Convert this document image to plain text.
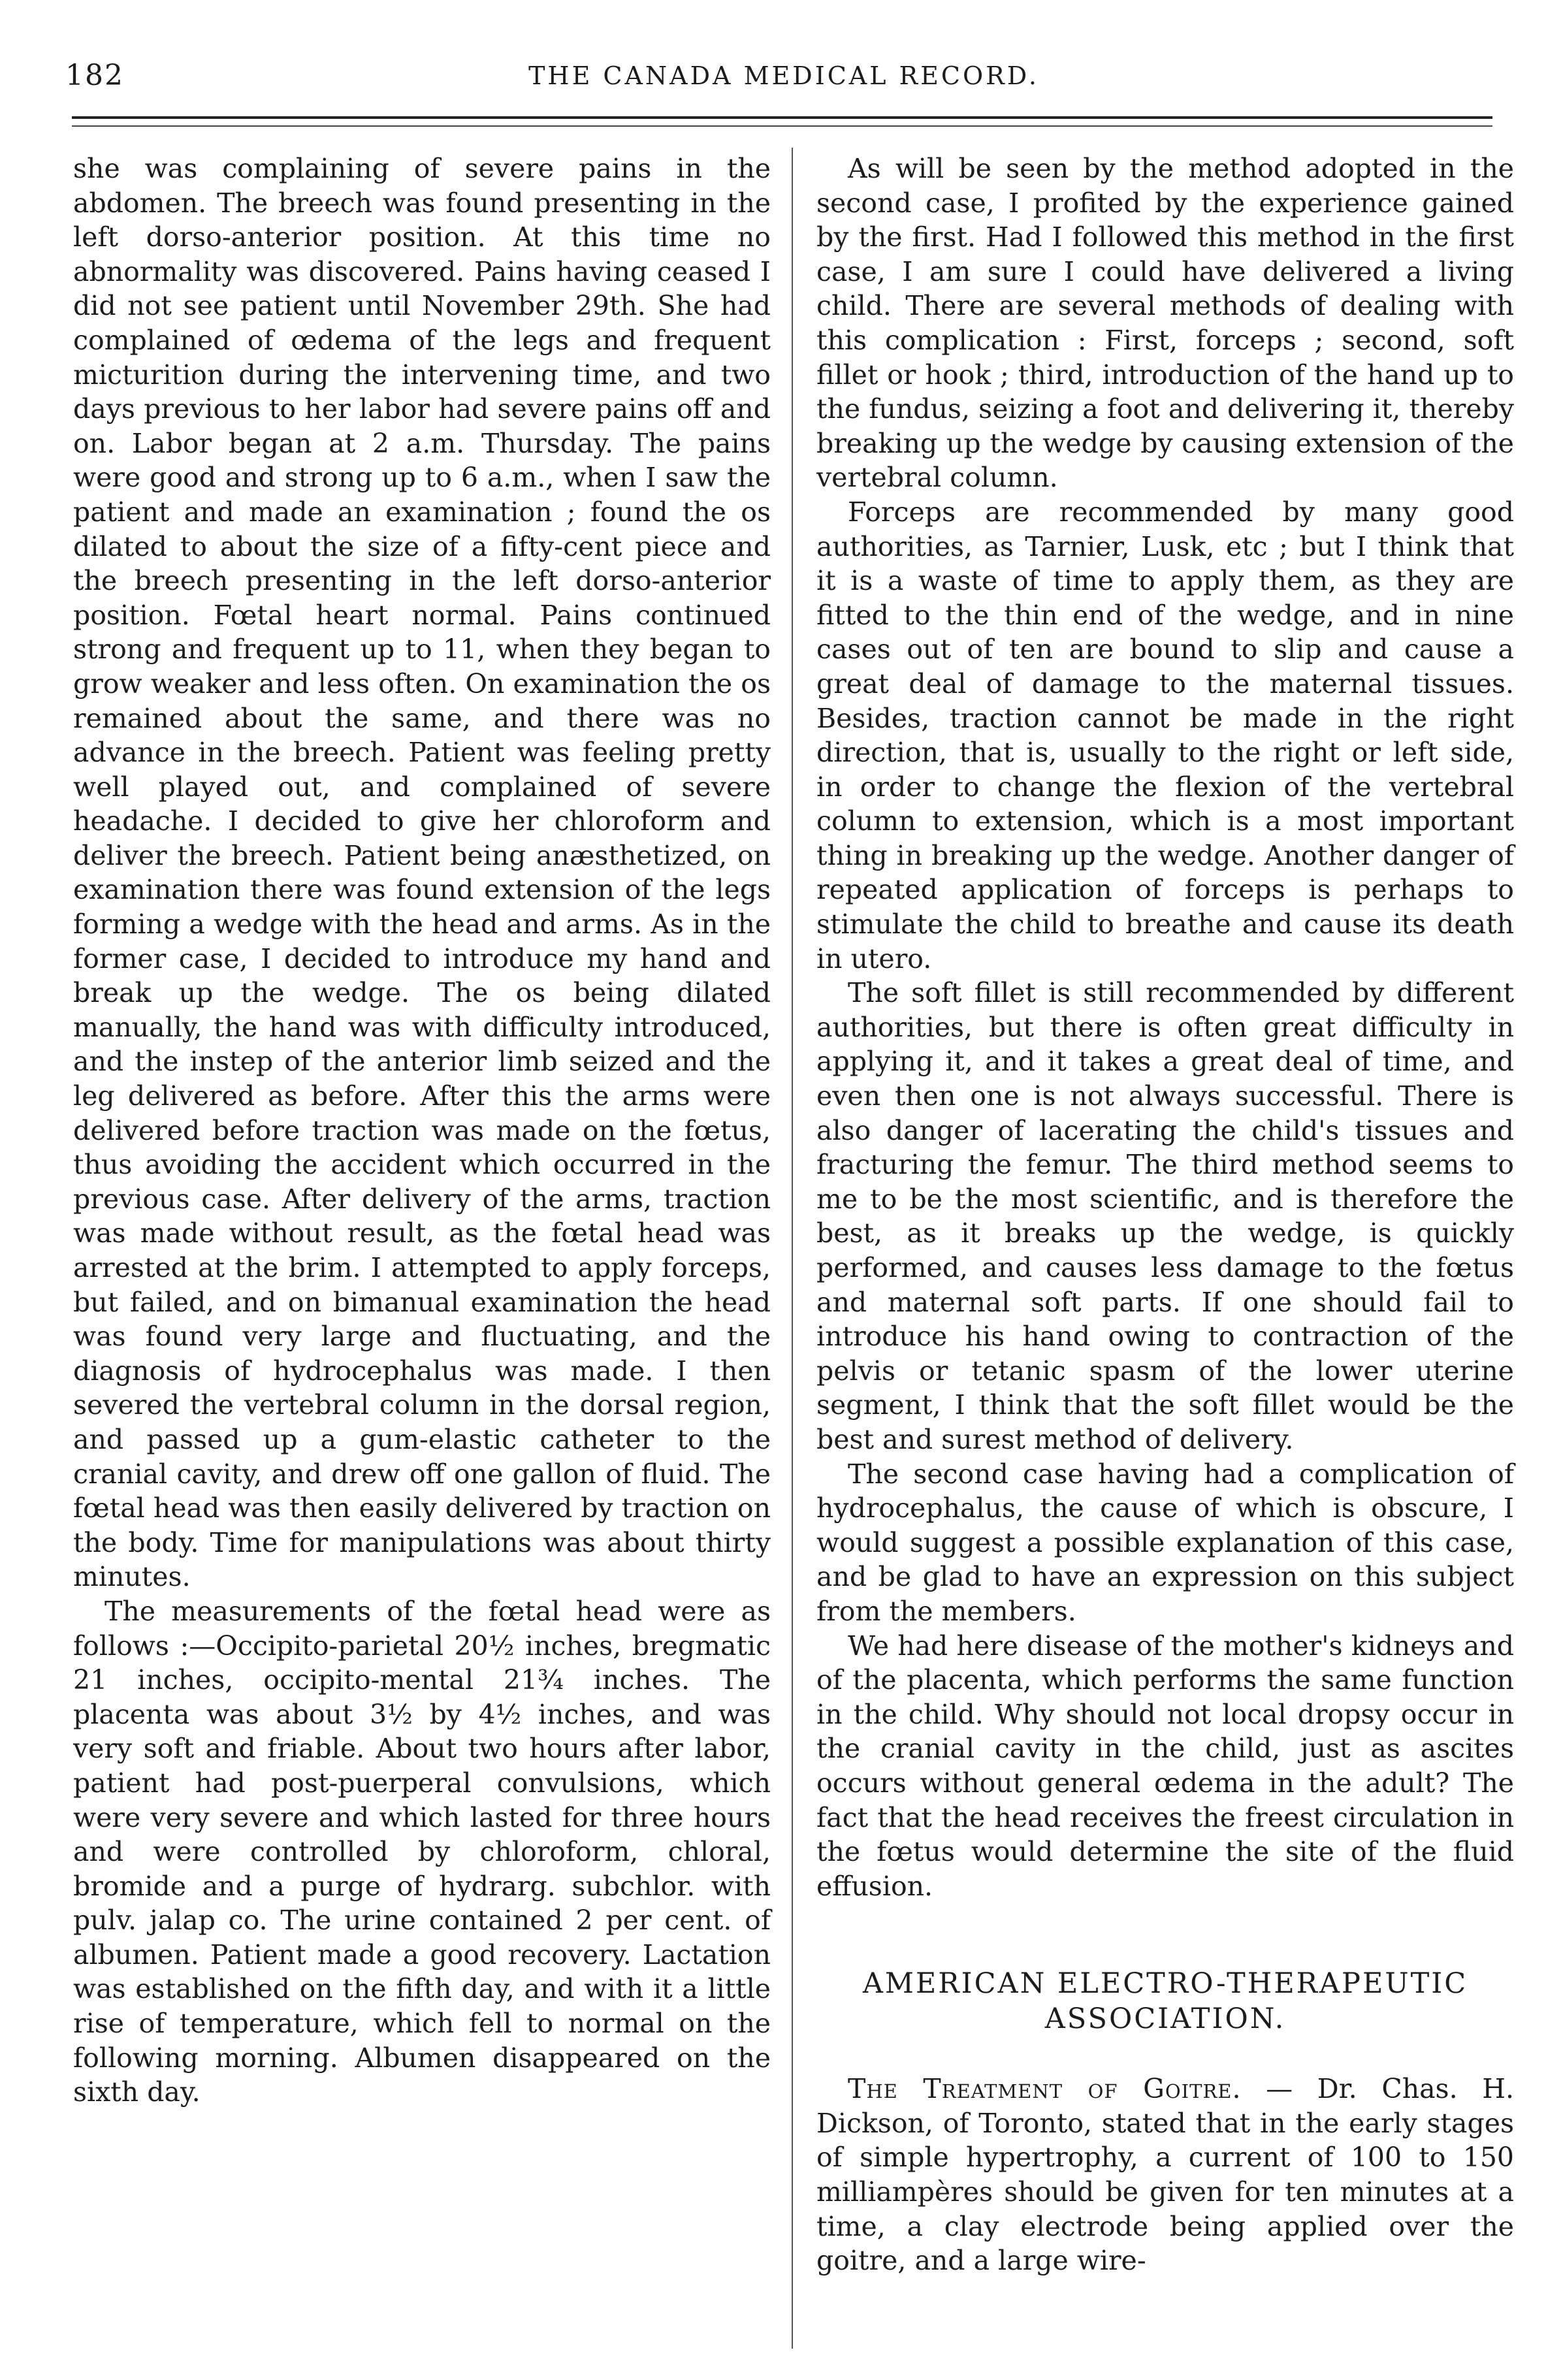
182	THE CANADA MEDICAL RECORD.

she was complaining of severe pains in the abdomen. The breech was found presenting in the left dorso-anterior position. At this time no abnormality was discovered. Pains having ceased I did not see patient until November 29th. She had complained of œdema of the legs and frequent micturition during the intervening time, and two days previous to her labor had severe pains off and on. Labor began at 2 a.m. Thursday. The pains were good and strong up to 6 a.m., when I saw the patient and made an examination ; found the os dilated to about the size of a fifty-cent piece and the breech presenting in the left dorso-anterior position. Fœtal heart normal. Pains continued strong and frequent up to 11, when they began to grow weaker and less often. On examination the os remained about the same, and there was no advance in the breech. Patient was feeling pretty well played out, and complained of severe headache. I decided to give her chloroform and deliver the breech. Patient being anæsthetized, on examination there was found extension of the legs forming a wedge with the head and arms. As in the former case, I decided to introduce my hand and break up the wedge. The os being dilated manually, the hand was with difficulty introduced, and the instep of the anterior limb seized and the leg delivered as before. After this the arms were delivered before traction was made on the fœtus, thus avoiding the accident which occurred in the previous case. After delivery of the arms, traction was made without result, as the fœtal head was arrested at the brim. I attempted to apply forceps, but failed, and on bimanual examination the head was found very large and fluctuating, and the diagnosis of hydrocephalus was made. I then severed the vertebral column in the dorsal region, and passed up a gum-elastic catheter to the cranial cavity, and drew off one gallon of fluid. The fœtal head was then easily delivered by traction on the body. Time for manipulations was about thirty minutes.

The measurements of the fœtal head were as follows :—Occipito-parietal 20½ inches, bregmatic 21 inches, occipito-mental 21¾ inches. The placenta was about 3½ by 4½ inches, and was very soft and friable. About two hours after labor, patient had post-puerperal convulsions, which were very severe and which lasted for three hours and were controlled by chloroform, chloral, bromide and a purge of hydrarg. subchlor. with pulv. jalap co. The urine contained 2 per cent. of albumen. Patient made a good recovery. Lactation was established on the fifth day, and with it a little rise of temperature, which fell to normal on the following morning. Albumen disappeared on the sixth day.

As will be seen by the method adopted in the second case, I profited by the experience gained by the first. Had I followed this method in the first case, I am sure I could have delivered a living child. There are several methods of dealing with this complication : First, forceps ; second, soft fillet or hook ; third, introduction of the hand up to the fundus, seizing a foot and delivering it, thereby breaking up the wedge by causing extension of the vertebral column.

Forceps are recommended by many good authorities, as Tarnier, Lusk, etc ; but I think that it is a waste of time to apply them, as they are fitted to the thin end of the wedge, and in nine cases out of ten are bound to slip and cause a great deal of damage to the maternal tissues. Besides, traction cannot be made in the right direction, that is, usually to the right or left side, in order to change the flexion of the vertebral column to extension, which is a most important thing in breaking up the wedge. Another danger of repeated application of forceps is perhaps to stimulate the child to breathe and cause its death in utero.

The soft fillet is still recommended by different authorities, but there is often great difficulty in applying it, and it takes a great deal of time, and even then one is not always successful. There is also danger of lacerating the child's tissues and fracturing the femur. The third method seems to me to be the most scientific, and is therefore the best, as it breaks up the wedge, is quickly performed, and causes less damage to the fœtus and maternal soft parts. If one should fail to introduce his hand owing to contraction of the pelvis or tetanic spasm of the lower uterine segment, I think that the soft fillet would be the best and surest method of delivery.

The second case having had a complication of hydrocephalus, the cause of which is obscure, I would suggest a possible explanation of this case, and be glad to have an expression on this subject from the members.

We had here disease of the mother's kidneys and of the placenta, which performs the same function in the child. Why should not local dropsy occur in the cranial cavity in the child, just as ascites occurs without general œdema in the adult? The fact that the head receives the freest circulation in the fœtus would determine the site of the fluid effusion.

AMERICAN ELECTRO-THERAPEUTIC ASSOCIATION.

The Treatment of Goitre. — Dr. Chas. H. Dickson, of Toronto, stated that in the early stages of simple hypertrophy, a current of 100 to 150 milliampères should be given for ten minutes at a time, a clay electrode being applied over the goitre, and a large wire-
